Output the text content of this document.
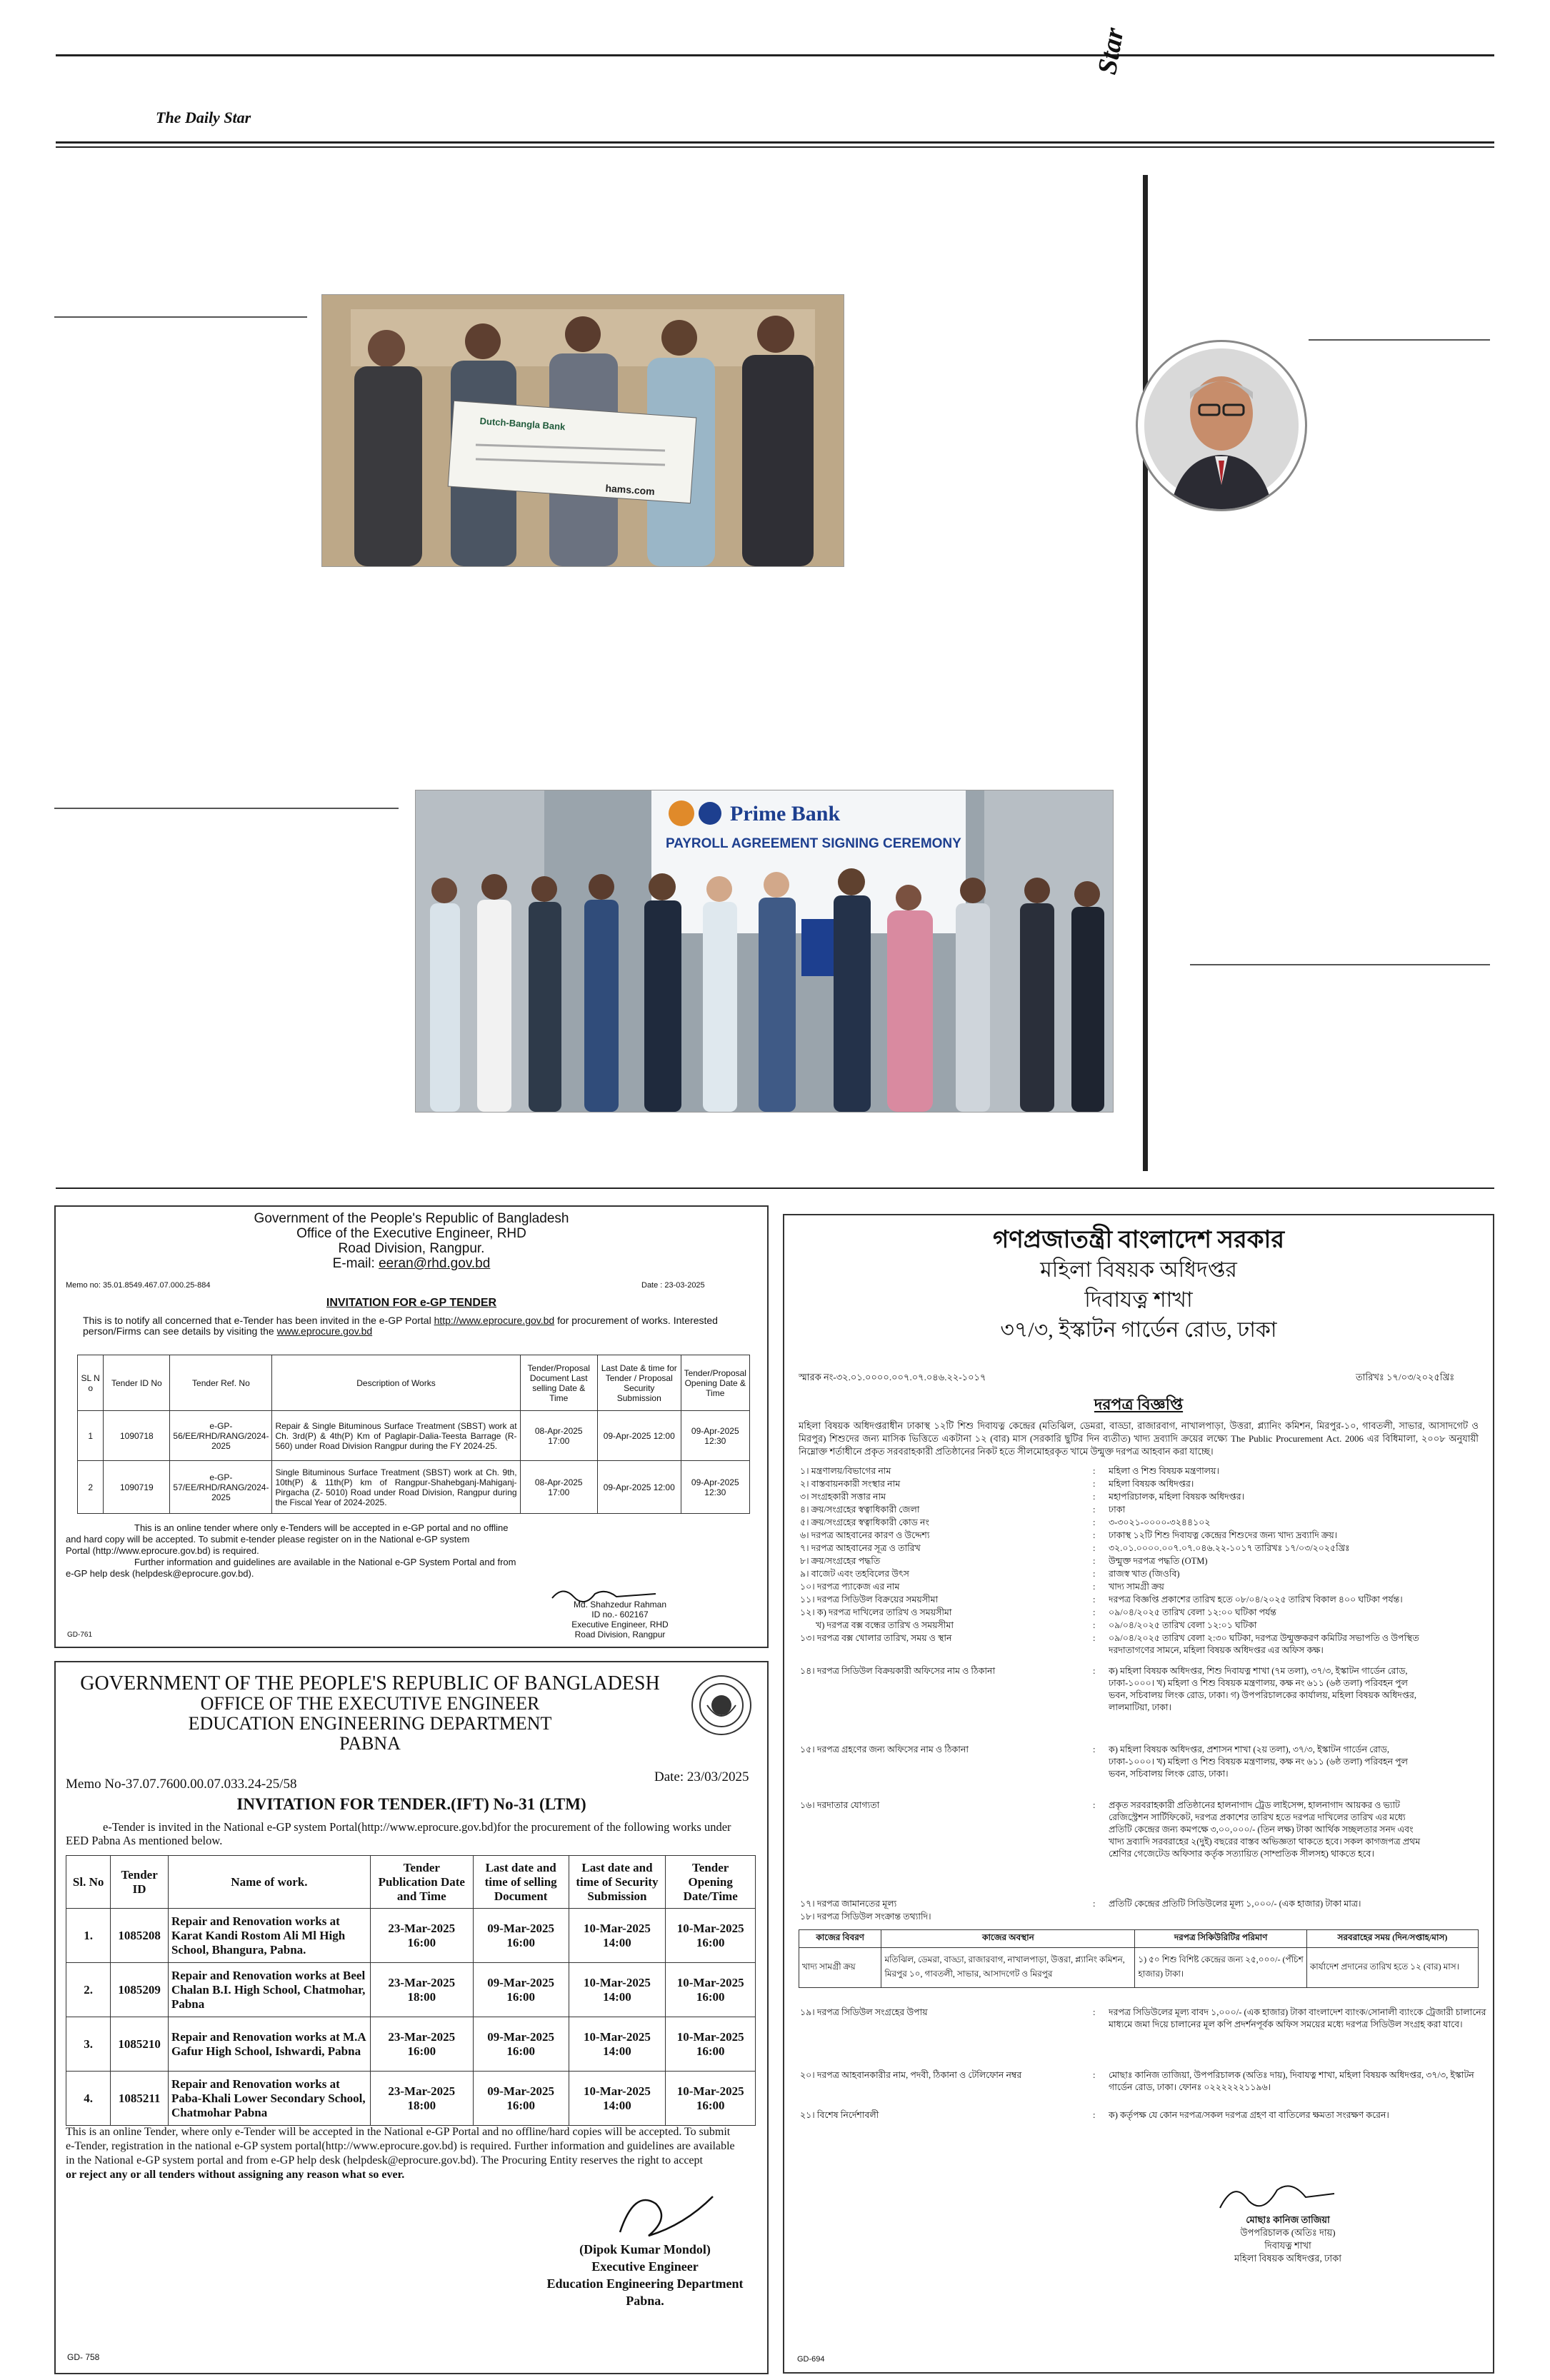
The Daily Star
Star
Dutch-Bangla Bank
hams.com
Prime Bank
PAYROLL AGREEMENT SIGNING CEREMONY
Government of the People's Republic of Bangladesh
Office of the Executive Engineer, RHD
Road Division, Rangpur.
E-mail: eeran@rhd.gov.bd
Memo no: 35.01.8549.467.07.000.25-884	Date : 23-03-2025
INVITATION FOR e-GP TENDER
This is to notify all concerned that e-Tender has been invited in the e-GP Portal http://www.eprocure.gov.bd for procurement of works. Interested person/Firms can see details by visiting the www.eprocure.gov.bd
SL N o	Tender ID No	Tender Ref. No	Description of Works	Tender/Proposal Document Last selling Date & Time	Last Date & time for Tender / Proposal Security Submission	Tender/Proposal Opening Date & Time
1	1090718	e-GP-56/EE/RHD/RANG/2024-2025	Repair & Single Bituminous Surface Treatment (SBST) work at Ch. 3rd(P) & 4th(P) Km of Paglapir-Dalia-Teesta Barrage (R-560) under Road Division Rangpur during the FY 2024-25.	08-Apr-2025 17:00	09-Apr-2025 12:00	09-Apr-2025 12:30
2	1090719	e-GP-57/EE/RHD/RANG/2024-2025	Single Bituminous Surface Treatment (SBST) work at Ch. 9th, 10th(P) & 11th(P) km of Rangpur-Shahebganj-Mahiganj-Pirgacha (Z- 5010) Road under Road Division, Rangpur during the Fiscal Year of 2024-2025.	08-Apr-2025 17:00	09-Apr-2025 12:00	09-Apr-2025 12:30
This is an online tender where only e-Tenders will be accepted in e-GP portal and no offline
and hard copy will be accepted. To submit e-tender please register on in the National e-GP system
Portal (http://www.eprocure.gov.bd) is required.
Further information and guidelines are available in the National e-GP System Portal and from
e-GP help desk (helpdesk@eprocure.gov.bd).
Md. Shahzedur Rahman
ID no.- 602167
Executive Engineer, RHD
Road Division, Rangpur
GD-761
GOVERNMENT OF THE PEOPLE'S REPUBLIC OF BANGLADESH
OFFICE OF THE EXECUTIVE ENGINEER
EDUCATION ENGINEERING DEPARTMENT
PABNA
Memo No-37.07.7600.00.07.033.24-25/58	Date: 23/03/2025
INVITATION FOR TENDER.(IFT) No-31 (LTM)
e-Tender is invited in the National e-GP system Portal(http://www.eprocure.gov.bd)for the procurement of the following works under EED Pabna As mentioned below.
Sl. No	Tender ID	Name of work.	Tender Publication Date and Time	Last date and time of selling Document	Last date and time of Security Submission	Tender Opening Date/Time
1.	1085208	Repair and Renovation works at Karat Kandi Rostom Ali Ml High School, Bhangura, Pabna.	23-Mar-2025 16:00	09-Mar-2025 16:00	10-Mar-2025 14:00	10-Mar-2025 16:00
2.	1085209	Repair and Renovation works at Beel Chalan B.I. High School, Chatmohar, Pabna	23-Mar-2025 18:00	09-Mar-2025 16:00	10-Mar-2025 14:00	10-Mar-2025 16:00
3.	1085210	Repair and Renovation works at M.A Gafur High School, Ishwardi, Pabna	23-Mar-2025 16:00	09-Mar-2025 16:00	10-Mar-2025 14:00	10-Mar-2025 16:00
4.	1085211	Repair and Renovation works at Paba-Khali Lower Secondary School, Chatmohar Pabna	23-Mar-2025 18:00	09-Mar-2025 16:00	10-Mar-2025 14:00	10-Mar-2025 16:00
This is an online Tender, where only e-Tender will be accepted in the National e-GP Portal and no offline/hard copies will be accepted. To submit
e-Tender, registration in the national e-GP system portal(http://www.eprocure.gov.bd) is required. Further information and guidelines are available
in the National e-GP system portal and from e-GP help desk (helpdesk@eprocure.gov.bd). The Procuring Entity reserves the right to accept
or reject any or all tenders without assigning any reason what so ever.
(Dipok Kumar Mondol)
Executive Engineer
Education Engineering Department
Pabna.
GD- 758
গণপ্রজাতন্ত্রী বাংলাদেশ সরকার
মহিলা বিষয়ক অধিদপ্তর
দিবাযত্ন শাখা
৩৭/৩, ইস্কাটন গার্ডেন রোড, ঢাকা
স্মারক নং-৩২.০১.০০০০.০০৭.০৭.০৪৬.২২-১০১৭	তারিখঃ ১৭/০৩/২০২৫খ্রিঃ
দরপত্র বিজ্ঞপ্তি
মহিলা বিষয়ক অধিদপ্তরাধীন ঢাকাস্থ ১২টি শিশু দিবাযত্ন কেন্দ্রের (মতিঝিল, ডেমরা, বাড্ডা, রাজারবাগ, নাখালপাড়া, উত্তরা, প্ল্যানিং কমিশন, মিরপুর-১০, গাবতলী, সাভার, আসাদগেট ও মিরপুর) শিশুদের জন্য মাসিক ভিত্তিতে একটানা ১২ (বার) মাস (সরকারি ছুটির দিন ব্যতীত) খাদ্য দ্রব্যাদি ক্রয়ের লক্ষ্যে The Public Procurement Act. 2006 এর বিধিমালা, ২০০৮ অনুযায়ী নিম্নোক্ত শর্তাধীনে প্রকৃত সরবরাহকারী প্রতিষ্ঠানের নিকট হতে সীলমোহরকৃত খামে উন্মুক্ত দরপত্র আহবান করা যাচ্ছে।
১। মন্ত্রণালয়/বিভাগের নাম	: মহিলা ও শিশু বিষয়ক মন্ত্রণালয়।
২। বাস্তবায়নকারী সংস্থার নাম	: মহিলা বিষয়ক অধিদপ্তর।
৩। সংগ্রহকারী সত্তার নাম	: মহাপরিচালক, মহিলা বিষয়ক অধিদপ্তর।
৪। ক্রয়/সংগ্রহের স্বত্বাধিকারী জেলা	: ঢাকা
৫। ক্রয়/সংগ্রহের স্বত্বাধিকারী কোড নং	: ৩-৩০২১-০০০০-৩২৪৪১০২
৬। দরপত্র আহবানের কারণ ও উদ্দেশ্য	: ঢাকাস্থ ১২টি শিশু দিবাযত্ন কেন্দ্রের শিশুদের জন্য খাদ্য দ্রব্যাদি ক্রয়।
৭। দরপত্র আহবানের সূত্র ও তারিখ	: ৩২.০১.০০০০.০০৭.০৭.০৪৬.২২-১০১৭ তারিখঃ ১৭/০৩/২০২৫খ্রিঃ
৮। ক্রয়/সংগ্রহের পদ্ধতি	: উন্মুক্ত দরপত্র পদ্ধতি (OTM)
৯। বাজেট এবং তহবিলের উৎস	: রাজস্ব খাত (জিওবি)
১০। দরপত্র প্যাকেজ এর নাম	: খাদ্য সামগ্রী ক্রয়
১১। দরপত্র সিডিউল বিক্রয়ের সময়সীমা	: দরপত্র বিজ্ঞপ্তি প্রকাশের তারিখ হতে ০৮/০৪/২০২৫ তারিখ বিকাল ৪০০ ঘটিকা পর্যন্ত।
১২। ক) দরপত্র দাখিলের তারিখ ও সময়সীমা	: ০৯/০৪/২০২৫ তারিখ বেলা ১২:০০ ঘটিকা পর্যন্ত
খ) দরপত্র বক্স বন্ধের তারিখ ও সময়সীমা	: ০৯/০৪/২০২৫ তারিখ বেলা ১২:০১ ঘটিকা
১৩। দরপত্র বক্স খোলার তারিখ, সময় ও স্থান	: ০৯/০৪/২০২৫ তারিখ বেলা ২:৩০ ঘটিকা, দরপত্র উন্মুক্তকরণ কমিটির সভাপতি ও উপস্থিত দরদাতাগণের সামনে, মহিলা বিষয়ক অধিদপ্তর এর অফিস কক্ষ।
১৪। দরপত্র সিডিউল বিক্রয়কারী অফিসের নাম ও ঠিকানা	: ক) মহিলা বিষয়ক অধিদপ্তর, শিশু দিবাযত্ন শাখা (৭ম তলা), ৩৭/৩, ইস্কাটন গার্ডেন রোড, ঢাকা-১০০০। খ) মহিলা ও শিশু বিষয়ক মন্ত্রণালয়, কক্ষ নং ৬১১ (৬ষ্ঠ তলা) পরিবহন পুল ভবন, সচিবালয় লিংক রোড, ঢাকা। গ) উপপরিচালকের কার্যালয়, মহিলা বিষয়ক অধিদপ্তর, লালমাটিয়া, ঢাকা।
১৫। দরপত্র গ্রহণের জন্য অফিসের নাম ও ঠিকানা	: ক) মহিলা বিষয়ক অধিদপ্তর, প্রশাসন শাখা (২য় তলা), ৩৭/৩, ইস্কাটন গার্ডেন রোড, ঢাকা-১০০০। খ) মহিলা ও শিশু বিষয়ক মন্ত্রণালয়, কক্ষ নং ৬১১ (৬ষ্ঠ তলা) পরিবহন পুল ভবন, সচিবালয় লিংক রোড, ঢাকা।
১৬। দরদাতার যোগ্যতা	: প্রকৃত সরবরাহকারী প্রতিষ্ঠানের হালনাগাদ ট্রেড লাইসেন্স, হালনাগাদ আয়কর ও ভ্যাট রেজিস্ট্রেশন সার্টিফিকেট, দরপত্র প্রকাশের তারিখ হতে দরপত্র দাখিলের তারিখ এর মধ্যে প্রতিটি কেন্দ্রের জন্য কমপক্ষে ৩,০০,০০০/- (তিন লক্ষ) টাকা আর্থিক সচ্ছলতার সনদ এবং খাদ্য দ্রব্যাদি সরবরাহের ২(দুই) বছরের বাস্তব অভিজ্ঞতা থাকতে হবে। সকল কাগজপত্র প্রথম শ্রেণির গেজেটেড অফিসার কর্তৃক সত্যায়িত (সাম্প্রতিক সীলসহ) থাকতে হবে।
১৭। দরপত্র জামানতের মূল্য	: প্রতিটি কেন্দ্রের প্রতিটি সিডিউলের মূল্য ১,০০০/- (এক হাজার) টাকা মাত্র।
১৮। দরপত্র সিডিউল সংক্রান্ত তথ্যাদি।
কাজের বিবরণ	কাজের অবস্থান	দরপত্র সিকিউরিটির পরিমাণ	সরবরাহের সময় (দিন/সপ্তাহ/মাস)
খাদ্য সামগ্রী ক্রয়	মতিঝিল, ডেমরা, বাড্ডা, রাজারবাগ, নাখালপাড়া, উত্তরা, প্ল্যানিং কমিশন, মিরপুর ১০, গাবতলী, সাভার, আসাদগেট ও মিরপুর	১) ৫০ শিশু বিশিষ্ট কেন্দ্রের জন্য ২৫,০০০/- (পঁচিশ হাজার) টাকা।	কার্যাদেশ প্রদানের তারিখ হতে ১২ (বার) মাস।
১৯। দরপত্র সিডিউল সংগ্রহের উপায়	: দরপত্র সিডিউলের মূল্য বাবদ ১,০০০/- (এক হাজার) টাকা বাংলাদেশ ব্যাংক/সোনালী ব্যাংকে ট্রেজারী চালানের মাধ্যমে জমা দিয়ে চালানের মূল কপি প্রদর্শনপূর্বক অফিস সময়ের মধ্যে দরপত্র সিডিউল সংগ্রহ করা যাবে।
২০। দরপত্র আহবানকারীর নাম, পদবী, ঠিকানা ও টেলিফোন নম্বর	: মোছাঃ কানিজ তাজিয়া, উপপরিচালক (অতিঃ দায়), দিবাযত্ন শাখা, মহিলা বিষয়ক অধিদপ্তর, ৩৭/৩, ইস্কাটন গার্ডেন রোড, ঢাকা। ফোনঃ ০২২২২২২১১৯৬।
২১। বিশেষ নির্দেশাবলী	: ক) কর্তৃপক্ষ যে কোন দরপত্র/সকল দরপত্র গ্রহণ বা বাতিলের ক্ষমতা সংরক্ষণ করেন।
মোছাঃ কানিজ তাজিয়া
উপপরিচালক (অতিঃ দায়)
দিবাযত্ন শাখা
মহিলা বিষয়ক অধিদপ্তর, ঢাকা
GD-694
